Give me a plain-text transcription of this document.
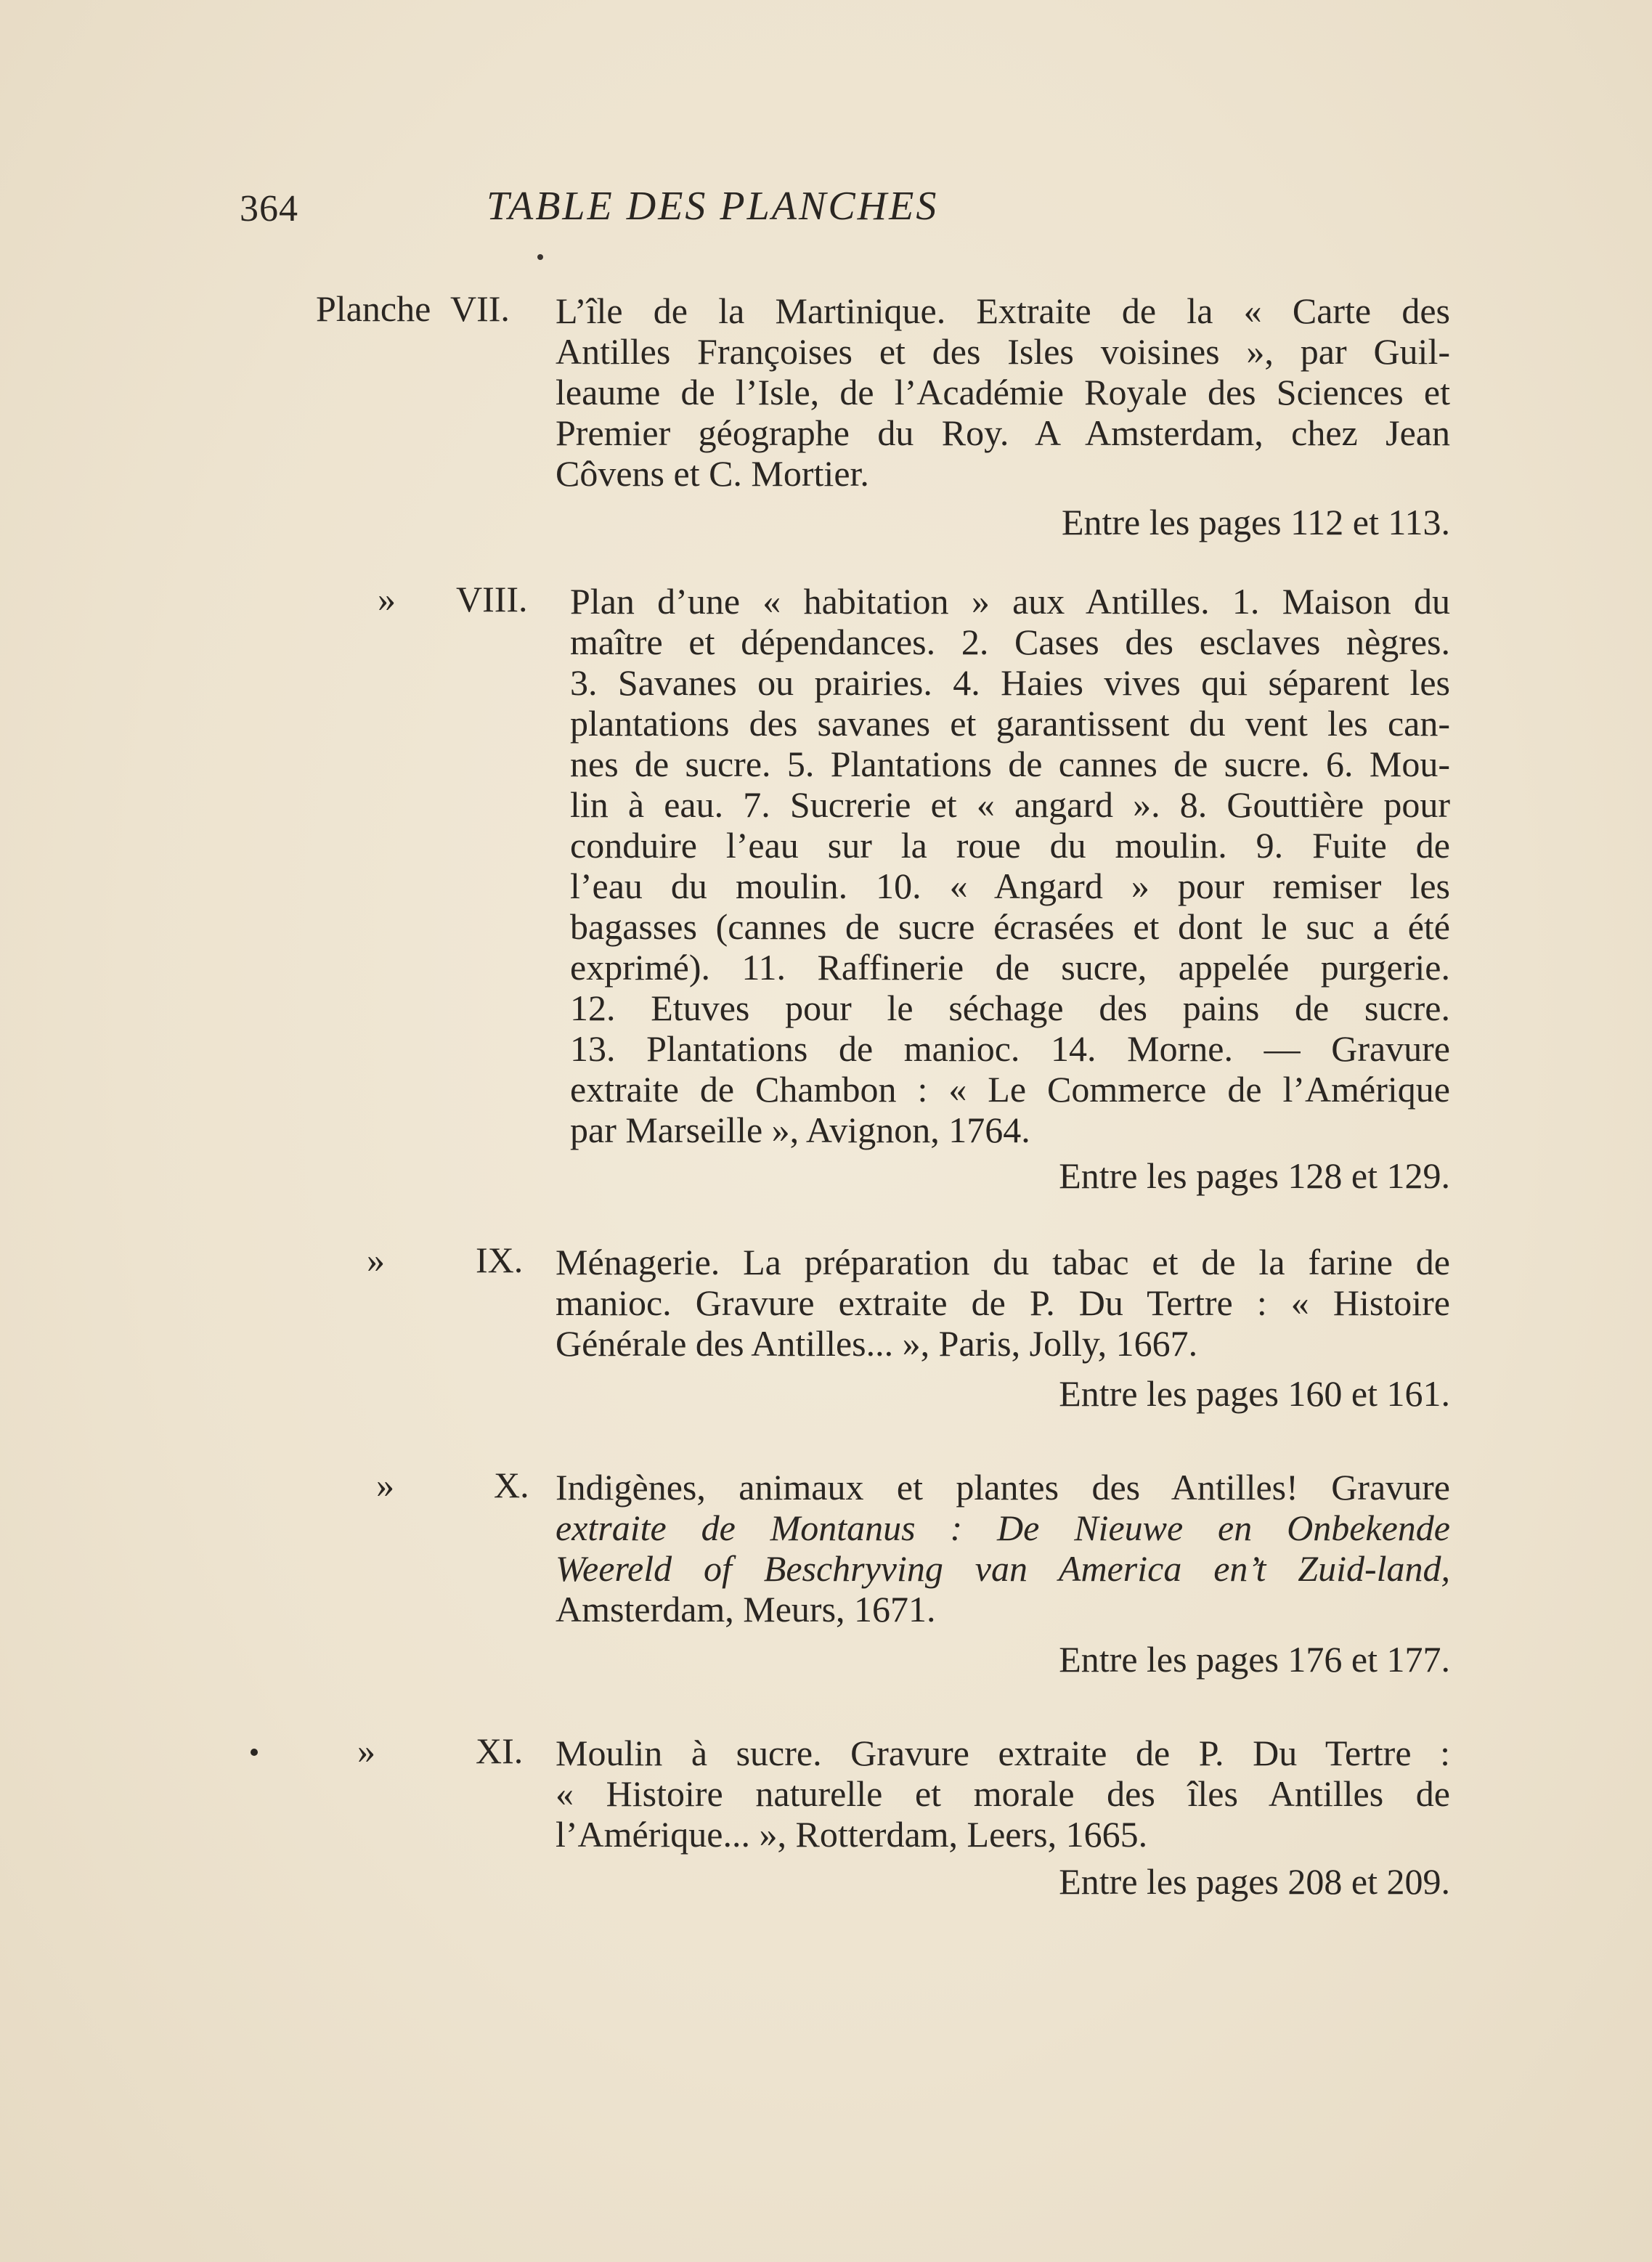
364	TABLE DES PLANCHES
Planche VII. L’île de la Martinique. Extraite de la « Carte des
Antilles Françoises et des Isles voisines », par Guil-
leaume de l’Isle, de l’Académie Royale des Sciences et
Premier géographe du Roy. A Amsterdam, chez Jean
Côvens et C. Mortier.
Entre les pages 112 et 113.
» VIII. Plan d’une « habitation » aux Antilles. 1. Maison du
maître et dépendances. 2. Cases des esclaves nègres.
3. Savanes ou prairies. 4. Haies vives qui séparent les
plantations des savanes et garantissent du vent les can-
nes de sucre. 5. Plantations de cannes de sucre. 6. Mou-
lin à eau. 7. Sucrerie et « angard ». 8. Gouttière pour
conduire l’eau sur la roue du moulin. 9. Fuite de
l’eau du moulin. 10. « Angard » pour remiser les
bagasses (cannes de sucre écrasées et dont le suc a été
exprimé). 11. Raffinerie de sucre, appelée purgerie.
12. Etuves pour le séchage des pains de sucre.
13. Plantations de manioc. 14. Morne. — Gravure
extraite de Chambon : « Le Commerce de l’Amérique
par Marseille », Avignon, 1764.
Entre les pages 128 et 129.
»	IX. Ménagerie. La préparation du tabac et de la farine de
manioc. Gravure extraite de P. Du Tertre : « Histoire
Générale des Antilles... », Paris, Jolly, 1667.
Entre les pages 160 et 161.
»	X. Indigènes, animaux et plantes des Antilles! Gravure
extraite de Montanus : De Nieuwe en Onbekende
Weereld of Beschryving van America en’t Zuid-land,
Amsterdam, Meurs, 1671.
Entre les pages 176 et 177.
»	XI. Moulin à sucre. Gravure extraite de P. Du Tertre :
« Histoire naturelle et morale des îles Antilles de
l’Amérique... », Rotterdam, Leers, 1665.
Entre les pages 208 et 209.
